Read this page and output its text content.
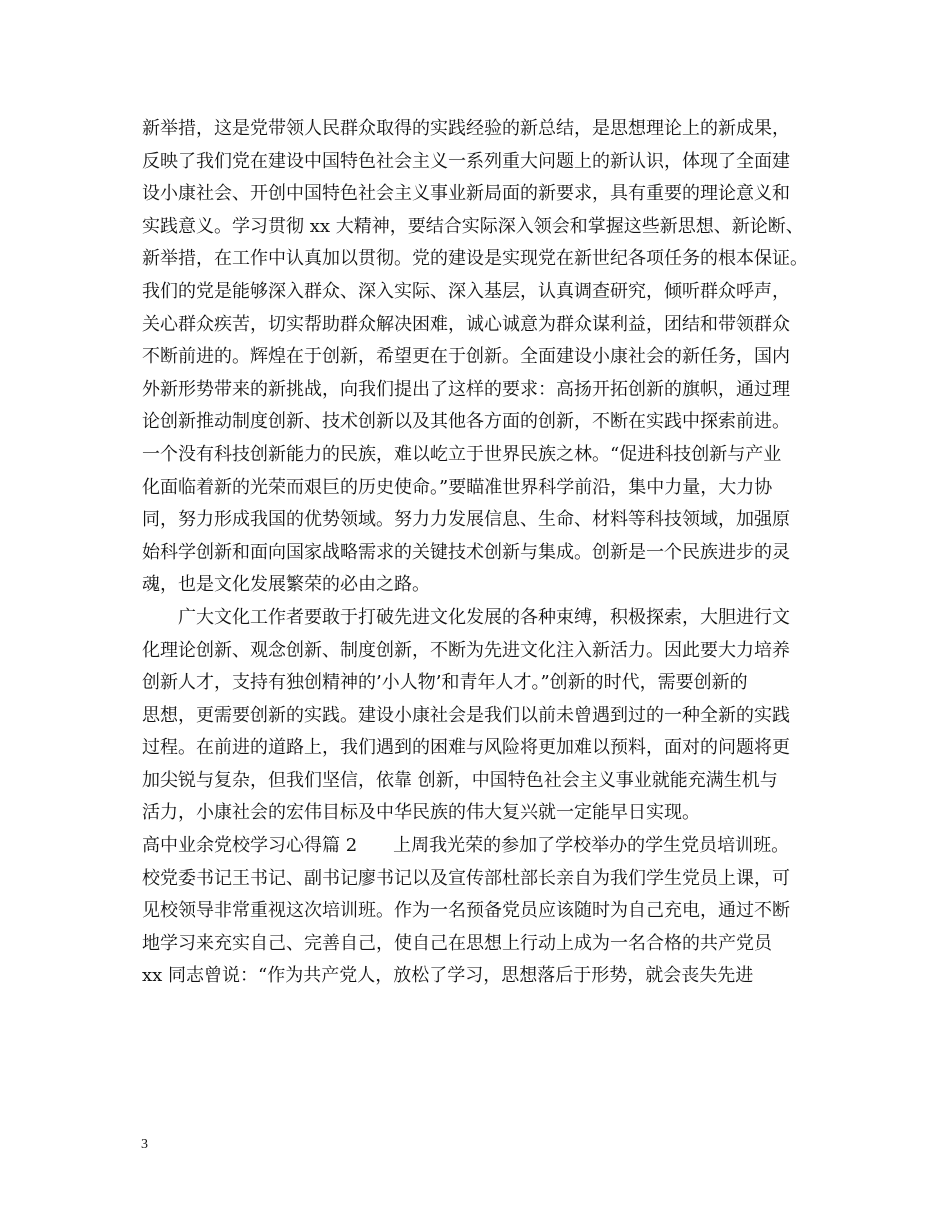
新举措，这是党带领人民群众取得的实践经验的新总结，是思想理论上的新成果，
反映了我们党在建设中国特色社会主义一系列重大问题上的新认识，体现了全面建
设小康社会、开创中国特色社会主义事业新局面的新要求，具有重要的理论意义和
实践意义。学习贯彻 xx 大精神，要结合实际深入领会和掌握这些新思想、新论断、
新举措，在工作中认真加以贯彻。党的建设是实现党在新世纪各项任务的根本保证。
我们的党是能够深入群众、深入实际、深入基层，认真调查研究，倾听群众呼声，
关心群众疾苦，切实帮助群众解决困难，诚心诚意为群众谋利益，团结和带领群众
不断前进的。辉煌在于创新，希望更在于创新。全面建设小康社会的新任务，国内
外新形势带来的新挑战，向我们提出了这样的要求：高扬开拓创新的旗帜，通过理
论创新推动制度创新、技术创新以及其他各方面的创新，不断在实践中探索前进。
一个没有科技创新能力的民族，难以屹立于世界民族之林。“促进科技创新与产业
化面临着新的光荣而艰巨的历史使命。”要瞄准世界科学前沿，集中力量，大力协
同，努力形成我国的优势领域。努力力发展信息、生命、材料等科技领域，加强原
始科学创新和面向国家战略需求的关键技术创新与集成。创新是一个民族进步的灵
魂，也是文化发展繁荣的必由之路。
广大文化工作者要敢于打破先进文化发展的各种束缚，积极探索，大胆进行文
化理论创新、观念创新、制度创新，不断为先进文化注入新活力。因此要大力培养
创新人才，支持有独创精神的’小人物’和青年人才。”创新的时代，需要创新的
思想，更需要创新的实践。建设小康社会是我们以前未曾遇到过的一种全新的实践
过程。在前进的道路上，我们遇到的困难与风险将更加难以预料，面对的问题将更
加尖锐与复杂，但我们坚信，依靠 创新，中国特色社会主义事业就能充满生机与
活力，小康社会的宏伟目标及中华民族的伟大复兴就一定能早日实现。
高中业余党校学习心得篇 2　　上周我光荣的参加了学校举办的学生党员培训班。
校党委书记王书记、副书记廖书记以及宣传部杜部长亲自为我们学生党员上课，可
见校领导非常重视这次培训班。作为一名预备党员应该随时为自己充电，通过不断
地学习来充实自己、完善自己，使自己在思想上行动上成为一名合格的共产党员
xx 同志曾说：“作为共产党人，放松了学习，思想落后于形势，就会丧失先进
3
